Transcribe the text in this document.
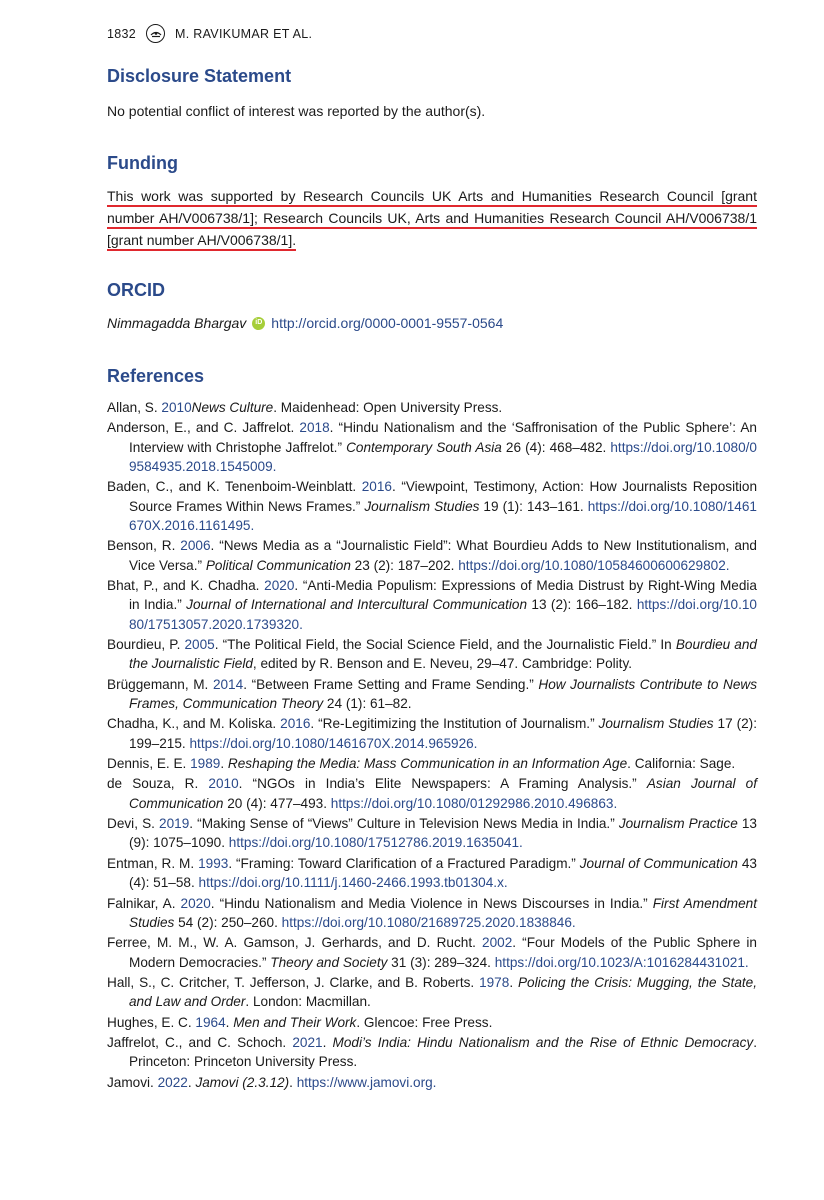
1832	M. RAVIKUMAR ET AL.
Disclosure Statement

No potential conflict of interest was reported by the author(s).

Funding

This work was supported by Research Councils UK Arts and Humanities Research Council [grant number AH/V006738/1]; Research Councils UK, Arts and Humanities Research Council AH/V006738/1 [grant number AH/V006738/1].

ORCID

Nimmagadda Bhargav	iD http://orcid.org/0000-0001-9557-0564

References

Allan, S. 2010News Culture. Maidenhead: Open University Press.

Anderson, E., and C. Jaffrelot. 2018. “Hindu Nationalism and the ‘Saffronisation of the Public Sphere’: An Interview with Christophe Jaffrelot.” Contemporary South Asia 26 (4): 468–482. https://doi.org/10.1080/09584935.2018.1545009.

Baden, C., and K. Tenenboim-Weinblatt. 2016. “Viewpoint, Testimony, Action: How Journalists Reposition Source Frames Within News Frames.” Journalism Studies 19 (1): 143–161. https://doi.org/10.1080/1461670X.2016.1161495.

Benson, R. 2006. “News Media as a “Journalistic Field”: What Bourdieu Adds to New Institutionalism, and Vice Versa.” Political Communication 23 (2): 187–202. https://doi.org/10.1080/10584600600629802.

Bhat, P., and K. Chadha. 2020. “Anti-Media Populism: Expressions of Media Distrust by Right-Wing Media in India.” Journal of International and Intercultural Communication 13 (2): 166–182. https://doi.org/10.1080/17513057.2020.1739320.

Bourdieu, P. 2005. “The Political Field, the Social Science Field, and the Journalistic Field.” In Bourdieu and the Journalistic Field, edited by R. Benson and E. Neveu, 29–47. Cambridge: Polity.

Brüggemann, M. 2014. “Between Frame Setting and Frame Sending.” How Journalists Contribute to News Frames, Communication Theory 24 (1): 61–82.

Chadha, K., and M. Koliska. 2016. “Re-Legitimizing the Institution of Journalism.” Journalism Studies 17 (2): 199–215. https://doi.org/10.1080/1461670X.2014.965926.

Dennis, E. E. 1989. Reshaping the Media: Mass Communication in an Information Age. California: Sage.

de Souza, R. 2010. “NGOs in India’s Elite Newspapers: A Framing Analysis.” Asian Journal of Communication 20 (4): 477–493. https://doi.org/10.1080/01292986.2010.496863.

Devi, S. 2019. “Making Sense of “Views” Culture in Television News Media in India.” Journalism Practice 13 (9): 1075–1090. https://doi.org/10.1080/17512786.2019.1635041.

Entman, R. M. 1993. “Framing: Toward Clarification of a Fractured Paradigm.” Journal of Communication 43 (4): 51–58. https://doi.org/10.1111/j.1460-2466.1993.tb01304.x.

Falnikar, A. 2020. “Hindu Nationalism and Media Violence in News Discourses in India.” First Amendment Studies 54 (2): 250–260. https://doi.org/10.1080/21689725.2020.1838846.

Ferree, M. M., W. A. Gamson, J. Gerhards, and D. Rucht. 2002. “Four Models of the Public Sphere in Modern Democracies.” Theory and Society 31 (3): 289–324. https://doi.org/10.1023/A:1016284431021.

Hall, S., C. Critcher, T. Jefferson, J. Clarke, and B. Roberts. 1978. Policing the Crisis: Mugging, the State, and Law and Order. London: Macmillan.

Hughes, E. C. 1964. Men and Their Work. Glencoe: Free Press.

Jaffrelot, C., and C. Schoch. 2021. Modi’s India: Hindu Nationalism and the Rise of Ethnic Democracy. Princeton: Princeton University Press.

Jamovi. 2022. Jamovi (2.3.12). https://www.jamovi.org.
